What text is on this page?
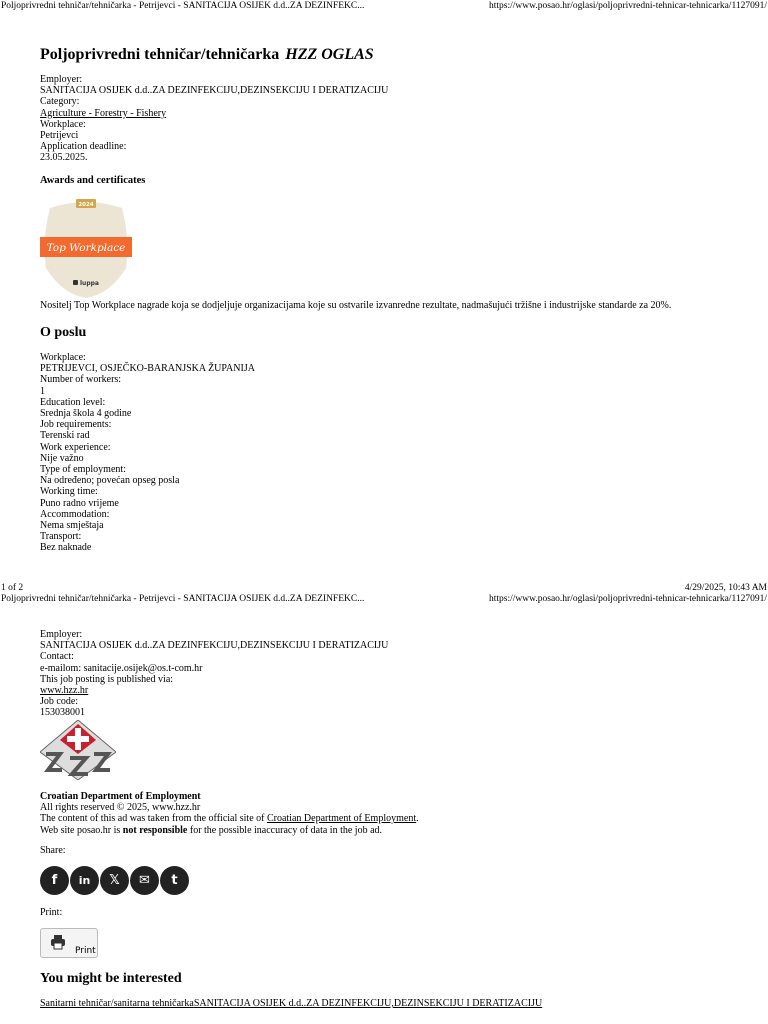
Poljoprivredni tehničar/tehničarka - Petrijevci - SANITACIJA OSIJEK d.d..ZA DEZINFEKC...	https://www.posao.hr/oglasi/poljoprivredni-tehnicar-tehnicarka/1127091/
Poljoprivredni tehničar/tehničarka HZZ OGLAS
Employer:
SANITACIJA OSIJEK d.d..ZA DEZINFEKCIJU,DEZINSEKCIJU I DERATIZACIJU
Category:
Agriculture - Forestry - Fishery
Workplace:
Petrijevci
Application deadline:
23.05.2025.
Awards and certificates
2024
Top Workplace
luppa
Nositelj Top Workplace nagrade koja se dodjeljuje organizacijama koje su ostvarile izvanredne rezultate, nadmašujući tržišne i industrijske standarde za 20%.
O poslu
Workplace:
PETRIJEVCI, OSJEČKO-BARANJSKA ŽUPANIJA
Number of workers:
1
Education level:
Srednja škola 4 godine
Job requirements:
Terenski rad
Work experience:
Nije važno
Type of employment:
Na određeno; povećan opseg posla
Working time:
Puno radno vrijeme
Accommodation:
Nema smještaja
Transport:
Bez naknade
1 of 2	4/29/2025, 10:43 AM
Poljoprivredni tehničar/tehničarka - Petrijevci - SANITACIJA OSIJEK d.d..ZA DEZINFEKC...	https://www.posao.hr/oglasi/poljoprivredni-tehnicar-tehnicarka/1127091/
Employer:
SANITACIJA OSIJEK d.d..ZA DEZINFEKCIJU,DEZINSEKCIJU I DERATIZACIJU
Contact:
e-mailom: sanitacije.osijek@os.t-com.hr
This job posting is published via:
www.hzz.hr
Job code:
153038001
Croatian Department of Employment
All rights reserved © 2025, www.hzz.hr
The content of this ad was taken from the official site of Croatian Department of Employment.
Web site posao.hr is not responsible for the possible inaccuracy of data in the job ad.
Share:
f	in	𝕏	✉	t
Print:
Print
You might be interested
Sanitarni tehničar/sanitarna tehničarkaSANITACIJA OSIJEK d.d..ZA DEZINFEKCIJU,DEZINSEKCIJU I DERATIZACIJU
